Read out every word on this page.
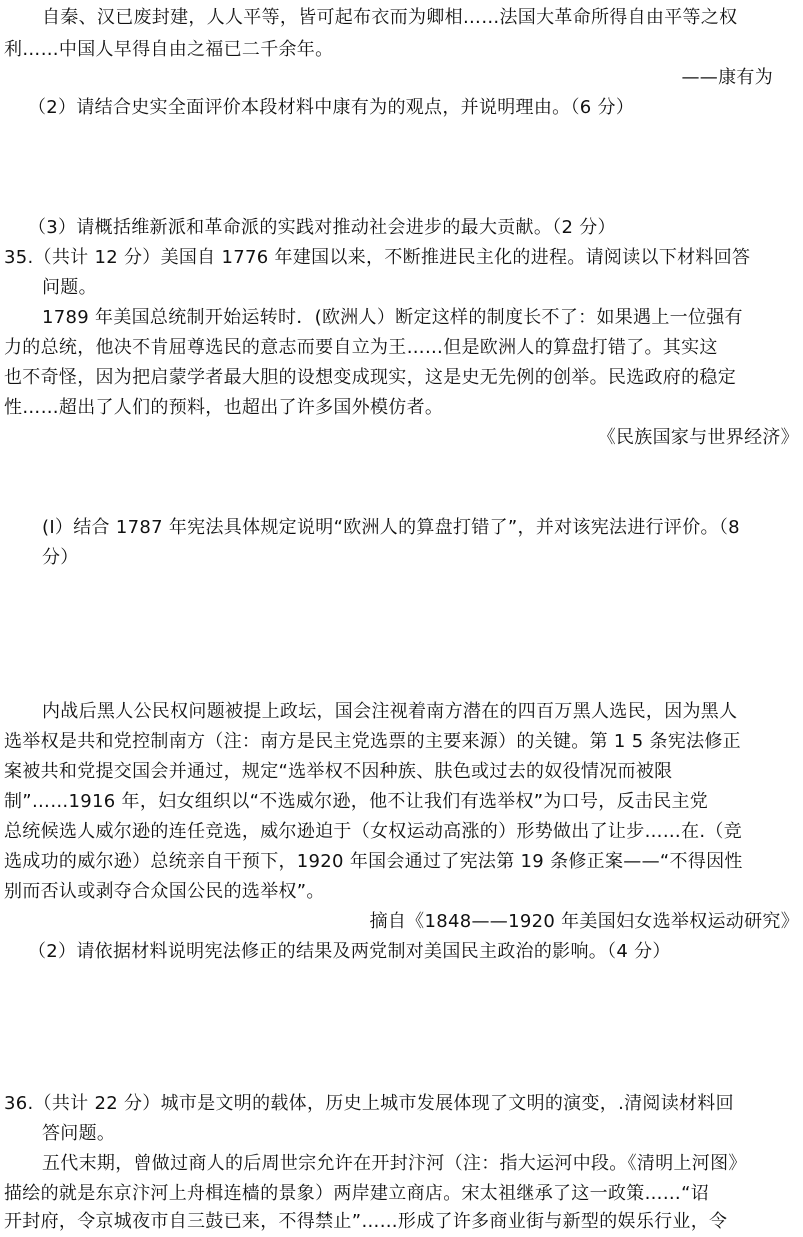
自秦、汉已废封建，人人平等，皆可起布衣而为卿相……法国大革命所得自由平等之权
利……中国人早得自由之福已二千余年。
——康有为
（2）请结合史实全面评价本段材料中康有为的观点，并说明理由。（6 分）
（3）请概括维新派和革命派的实践对推动社会进步的最大贡献。（2 分）
35.（共计 12 分）美国自 1776 年建国以来，不断推进民主化的进程。请阅读以下材料回答
问题。
1789 年美国总统制开始运转时．(欧洲人）断定这样的制度长不了：如果遇上一位强有
力的总统，他决不肯屈尊选民的意志而要自立为王……但是欧洲人的算盘打错了。其实这
也不奇怪，因为把启蒙学者最大胆的设想变成现实，这是史无先例的创举。民选政府的稳定
性……超出了人们的预料，也超出了许多国外模仿者。
《民族国家与世界经济》
(I）结合 1787 年宪法具体规定说明“欧洲人的算盘打错了”，并对该宪法进行评价。（8
分）
内战后黑人公民权问题被提上政坛，国会注视着南方潜在的四百万黑人选民，因为黑人
选举权是共和党控制南方（注：南方是民主党选票的主要来源）的关键。第 1 5 条宪法修正
案被共和党提交国会并通过，规定“选举权不因种族、肤色或过去的奴役情况而被限
制”……1916 年，妇女组织以“不选威尔逊，他不让我们有选举权”为口号，反击民主党
总统候选人威尔逊的连任竞选，威尔逊迫于（女权运动高涨的）形势做出了让步……在.（竞
选成功的威尔逊）总统亲自干预下，1920 年国会通过了宪法第 19 条修正案——“不得因性
别而否认或剥夺合众国公民的选举权”。
摘自《1848——1920 年美国妇女选举权运动研究》
（2）请依据材料说明宪法修正的结果及两党制对美国民主政治的影响。（4 分）
36.（共计 22 分）城市是文明的载体，历史上城市发展体现了文明的演变，.清阅读材料回
答问题。
五代末期，曾做过商人的后周世宗允许在开封汴河（注：指大运河中段。《清明上河图》
描绘的就是东京汴河上舟楫连樯的景象）两岸建立商店。宋太祖继承了这一政策……“诏
开封府，令京城夜市自三鼓已来，不得禁止”……形成了许多商业街与新型的娱乐行业，令
